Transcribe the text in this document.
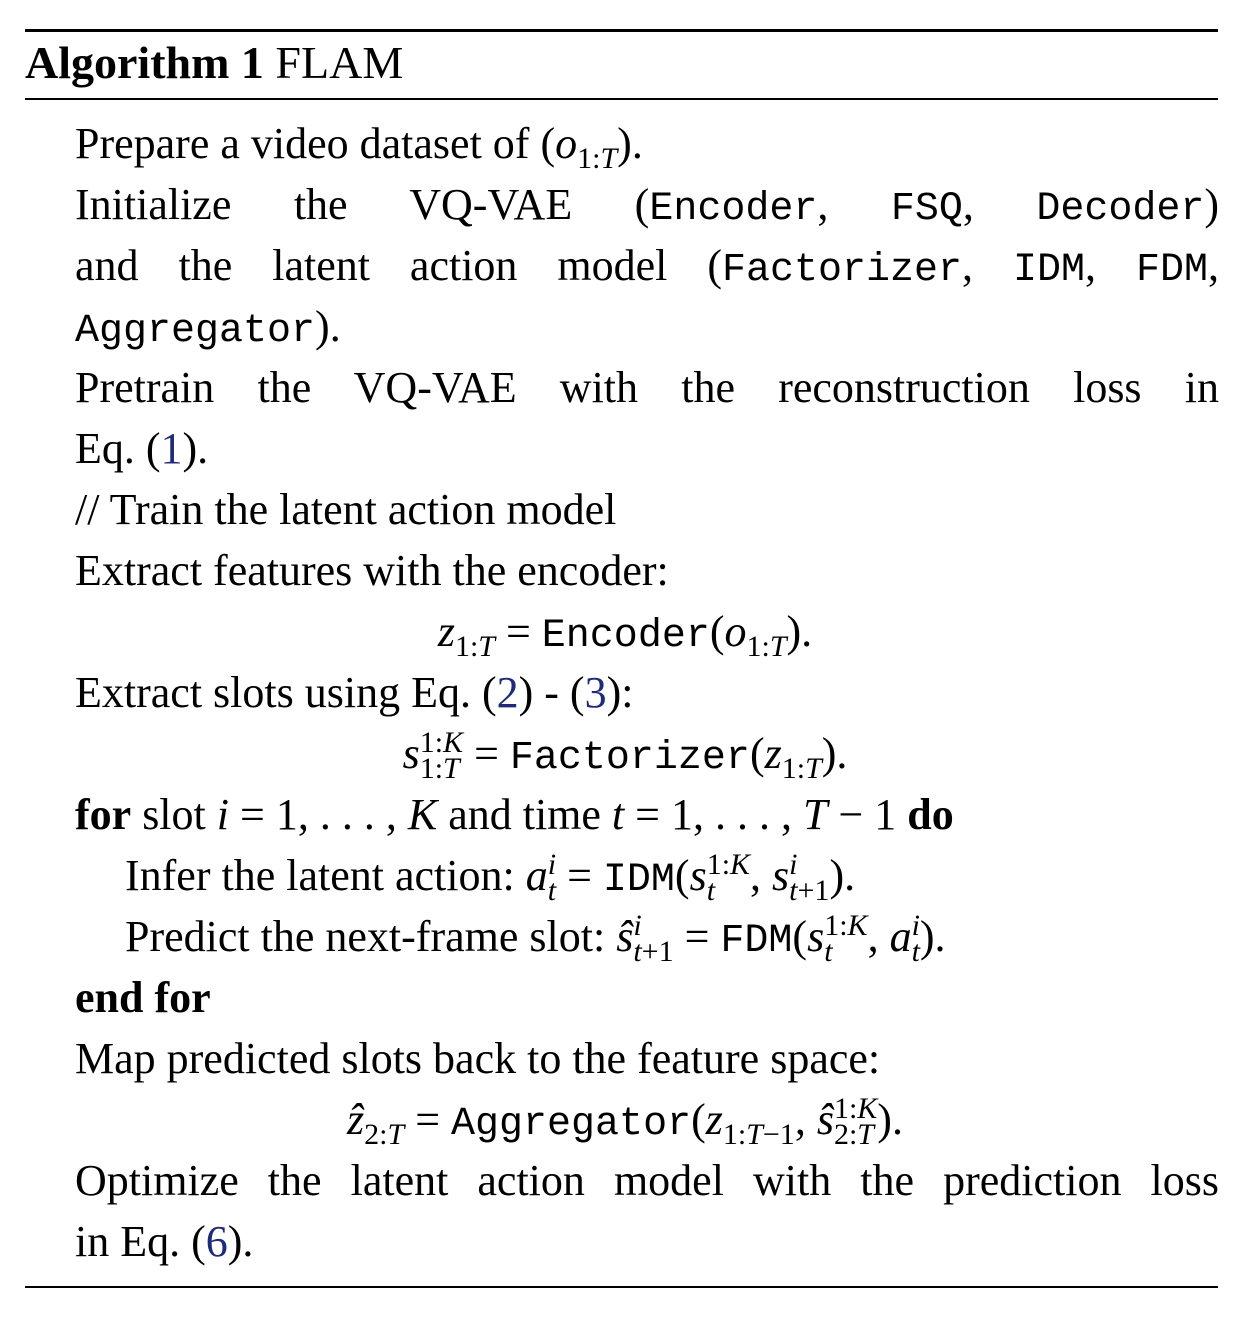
Algorithm 1 FLAM
Prepare a video dataset of $(o_{1:T})$.
Initialize the VQ-VAE (Encoder, FSQ, Decoder)
and the latent action model (Factorizer, IDM, FDM,
Aggregator).
Pretrain the VQ-VAE with the reconstruction loss in
Eq. (1).
// Train the latent action model
Extract features with the encoder:
$z_{1:T}$ = $Encoder(o_{1:T})$.
Extract slots using Eq. (2) - (3):
s 1:K
1:T = $Factorizer(z_{1:T})$.
for slot i = 1, . . . , K and time t = 1, . . . , T − 1 do
Infer the latent action: a i
t = IDM(s 1:K
t , s i
t+1 ).
Predict the next-frame slot: ŝ i
t+1 = FDM(s 1:K
t , a i
t ).
end for
Map predicted slots back to the feature space:
ẑ$_{2:T}$ = $Aggregator(z_{1:T-1}$, ŝ 1:K
2:T ).
Optimize the latent action model with the prediction loss
in Eq. (6).
